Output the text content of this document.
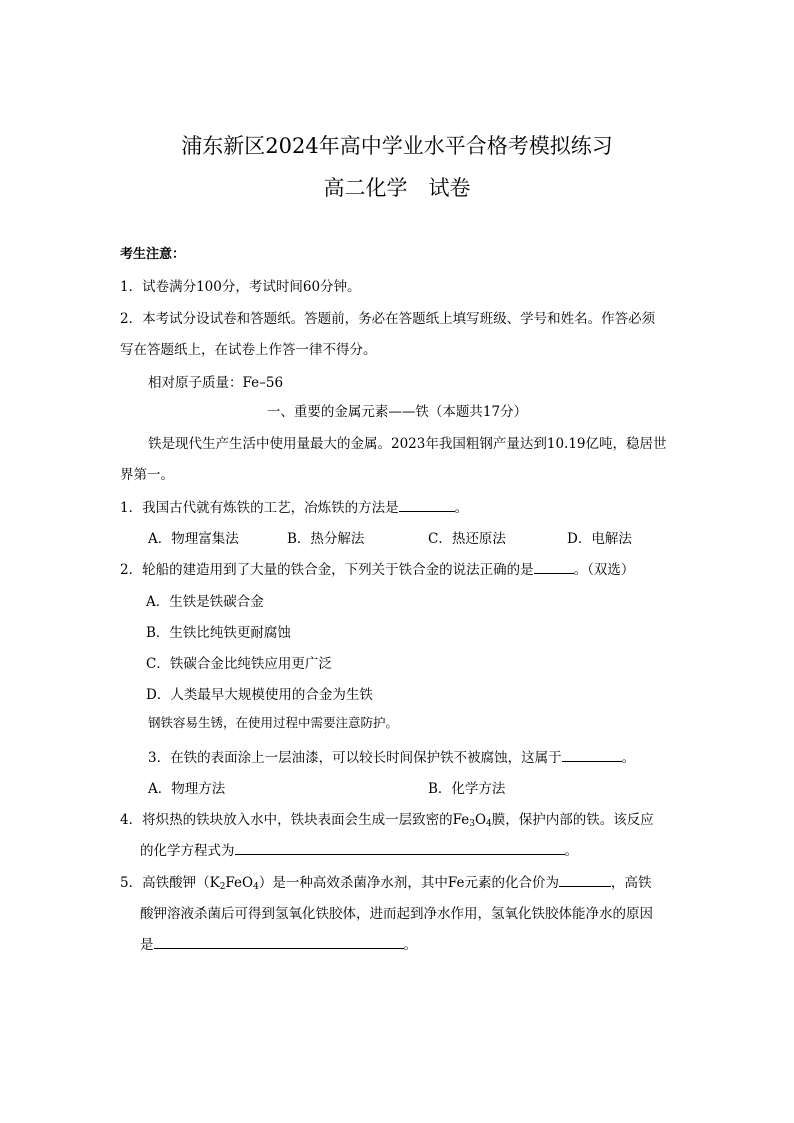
浦东新区2024年高中学业水平合格考模拟练习
高二化学　试卷
考生注意：
1．试卷满分100分，考试时间60分钟。
2．本考试分设试卷和答题纸。答题前，务必在答题纸上填写班级、学号和姓名。作答必须
写在答题纸上，在试卷上作答一律不得分。
相对原子质量：Fe–56
一、重要的金属元素——铁（本题共17分）
铁是现代生产生活中使用量最大的金属。2023年我国粗钢产量达到10.19亿吨，稳居世
界第一。
1．我国古代就有炼铁的工艺，冶炼铁的方法是	。
A．物理富集法	B．热分解法	C．热还原法	D．电解法
2．轮船的建造用到了大量的铁合金，下列关于铁合金的说法正确的是	。（双选）
A．生铁是铁碳合金
B．生铁比纯铁更耐腐蚀
C．铁碳合金比纯铁应用更广泛
D．人类最早大规模使用的合金为生铁
钢铁容易生锈，在使用过程中需要注意防护。
3．在铁的表面涂上一层油漆，可以较长时间保护铁不被腐蚀，这属于	。
A．物理方法	B．化学方法
4．将炽热的铁块放入水中，铁块表面会生成一层致密的$Fe_3O_4$膜，保护内部的铁。该反应
的化学方程式为	。
5．高铁酸钾$(K_2FeO_4)$是一种高效杀菌净水剂，其中Fe元素的化合价为	，高铁
酸钾溶液杀菌后可得到氢氧化铁胶体，进而起到净水作用，氢氧化铁胶体能净水的原因
是	。
